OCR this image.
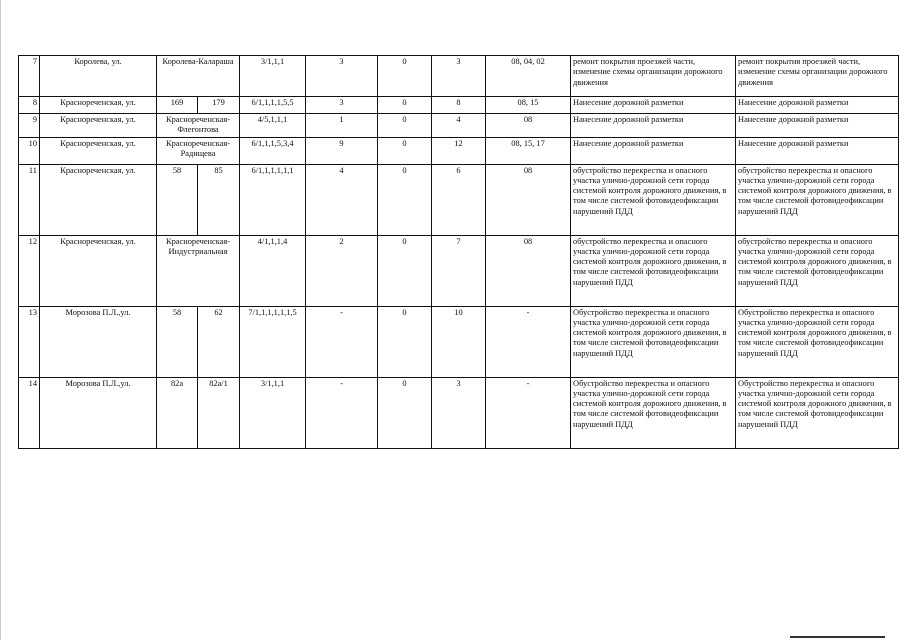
7	Королева, ул.	Королева-Калараша		3/1,1,1	3	0	3	08, 04, 02	ремонт покрытия проезжей части, изменение схемы организации дорожного движения	ремонт покрытия проезжей части, изменение схемы организации дорожного движения
8	Краснореченская, ул.	169	179	6/1,1,1,1,5,5	3	0	8	08, 15	Нанесение дорожной разметки	Нанесение дорожной разметки
9	Краснореченская, ул.	Краснореченская-Флегонтова		4/5,1,1,1	1	0	4	08	Нанесение дорожной разметки	Нанесение дорожной разметки
10	Краснореченская, ул.	Краснореченская-Радищева		6/1,1,1,5,3,4	9	0	12	08, 15, 17	Нанесение дорожной разметки	Нанесение дорожной разметки
11	Краснореченская, ул.	58	85	6/1,1,1,1,1,1	4	0	6	08	обустройство перекрестка и опасного участка улично-дорожной сети города системой контроля дорожного движения, в том числе системой фотовидеофиксации нарушений ПДД	обустройство перекрестка и опасного участка улично-дорожной сети города системой контроля дорожного движения, в том числе системой фотовидеофиксации нарушений ПДД
12	Краснореченская, ул.	Краснореченская-Индустриальная		4/1,1,1,4	2	0	7	08	обустройство перекрестка и опасного участка улично-дорожной сети города системой контроля дорожного движения, в том числе системой фотовидеофиксации нарушений ПДД	обустройство перекрестка и опасного участка улично-дорожной сети города системой контроля дорожного движения, в том числе системой фотовидеофиксации нарушений ПДД
13	Морозова П.Л.,ул.	58	62	7/1,1,1,1,1,1,5	-	0	10	-	Обустройство перекрестка и опасного участка улично-дорожной сети города системой контроля дорожного движения, в том числе системой фотовидеофиксации нарушений ПДД	Обустройство перекрестка и опасного участка улично-дорожной сети города системой контроля дорожного движения, в том числе системой фотовидеофиксации нарушений ПДД
14	Морозова П.Л.,ул.	82а	82а/1	3/1,1,1	-	0	3	-	Обустройство перекрестка и опасного участка улично-дорожной сети города системой контроля дорожного движения, в том числе системой фотовидеофиксации нарушений ПДД	Обустройство перекрестка и опасного участка улично-дорожной сети города системой контроля дорожного движения, в том числе системой фотовидеофиксации нарушений ПДД
